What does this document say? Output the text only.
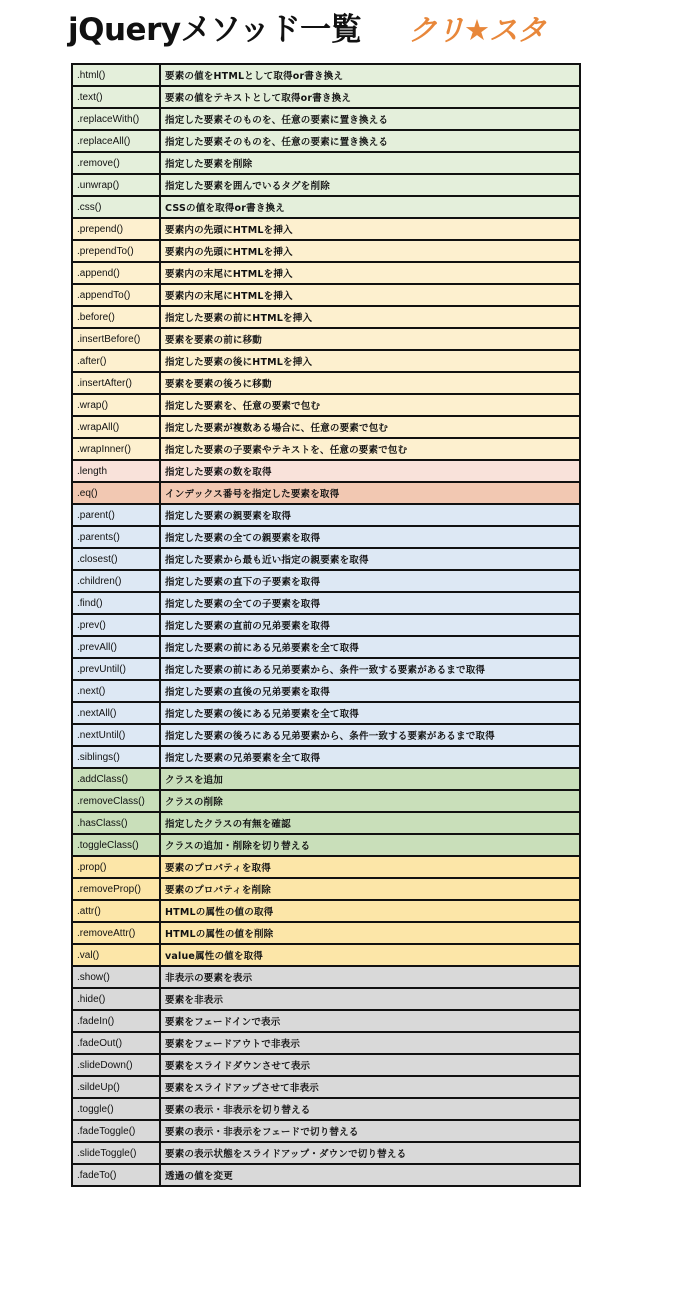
jQueryメソッド一覧 クリ★スタ
.html()	要素の値をHTMLとして取得or書き換え
.text()	要素の値をテキストとして取得or書き換え
.replaceWith()	指定した要素そのものを、任意の要素に置き換える
.replaceAll()	指定した要素そのものを、任意の要素に置き換える
.remove()	指定した要素を削除
.unwrap()	指定した要素を囲んでいるタグを削除
.css()	CSSの値を取得or書き換え
.prepend()	要素内の先頭にHTMLを挿入
.prependTo()	要素内の先頭にHTMLを挿入
.append()	要素内の末尾にHTMLを挿入
.appendTo()	要素内の末尾にHTMLを挿入
.before()	指定した要素の前にHTMLを挿入
.insertBefore()	要素を要素の前に移動
.after()	指定した要素の後にHTMLを挿入
.insertAfter()	要素を要素の後ろに移動
.wrap()	指定した要素を、任意の要素で包む
.wrapAll()	指定した要素が複数ある場合に、任意の要素で包む
.wrapInner()	指定した要素の子要素やテキストを、任意の要素で包む
.length	指定した要素の数を取得
.eq()	インデックス番号を指定した要素を取得
.parent()	指定した要素の親要素を取得
.parents()	指定した要素の全ての親要素を取得
.closest()	指定した要素から最も近い指定の親要素を取得
.children()	指定した要素の直下の子要素を取得
.find()	指定した要素の全ての子要素を取得
.prev()	指定した要素の直前の兄弟要素を取得
.prevAll()	指定した要素の前にある兄弟要素を全て取得
.prevUntil()	指定した要素の前にある兄弟要素から、条件一致する要素があるまで取得
.next()	指定した要素の直後の兄弟要素を取得
.nextAll()	指定した要素の後にある兄弟要素を全て取得
.nextUntil()	指定した要素の後ろにある兄弟要素から、条件一致する要素があるまで取得
.siblings()	指定した要素の兄弟要素を全て取得
.addClass()	クラスを追加
.removeClass()	クラスの削除
.hasClass()	指定したクラスの有無を確認
.toggleClass()	クラスの追加・削除を切り替える
.prop()	要素のプロパティを取得
.removeProp()	要素のプロパティを削除
.attr()	HTMLの属性の値の取得
.removeAttr()	HTMLの属性の値を削除
.val()	value属性の値を取得
.show()	非表示の要素を表示
.hide()	要素を非表示
.fadeIn()	要素をフェードインで表示
.fadeOut()	要素をフェードアウトで非表示
.slideDown()	要素をスライドダウンさせて表示
.sildeUp()	要素をスライドアップさせて非表示
.toggle()	要素の表示・非表示を切り替える
.fadeToggle()	要素の表示・非表示をフェードで切り替える
.slideToggle()	要素の表示状態をスライドアップ・ダウンで切り替える
.fadeTo()	透過の値を変更
